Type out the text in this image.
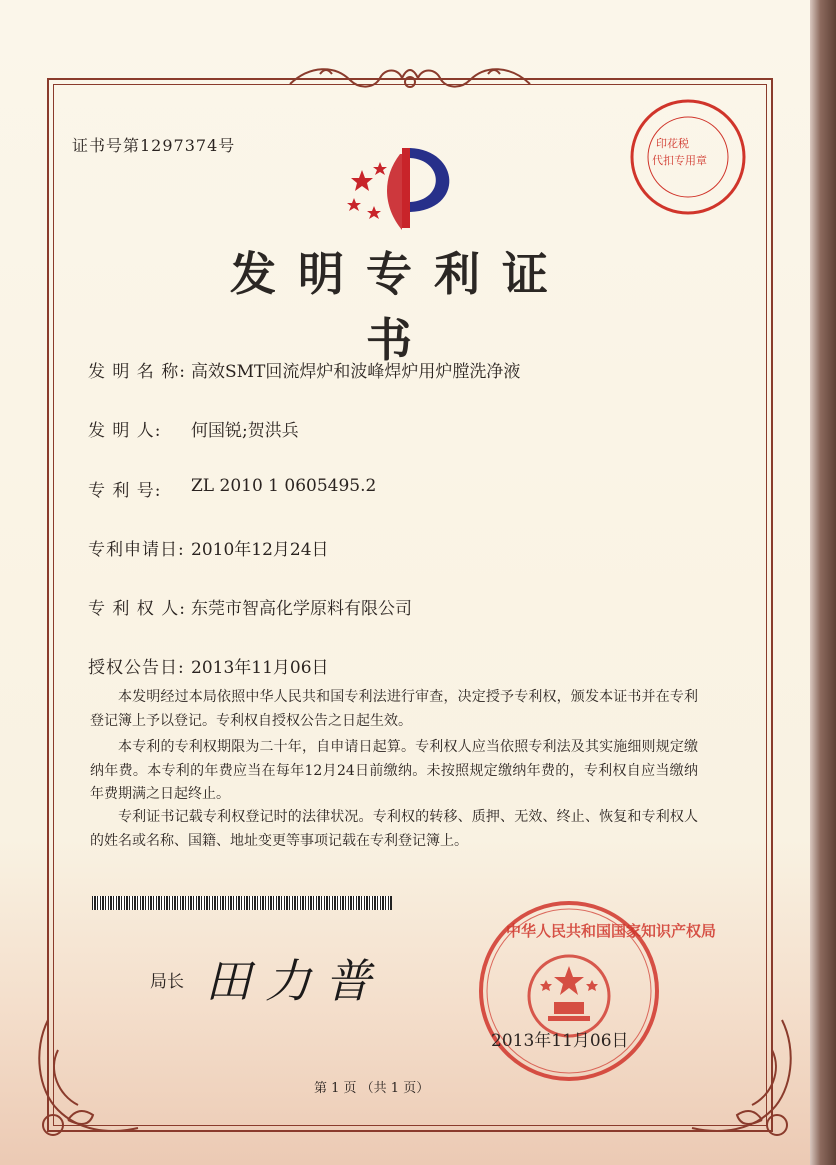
证书号第1297374号	印花税
代扣专用章
发明专利证书
发 明 名 称: 高效SMT回流焊炉和波峰焊炉用炉膛洗净液
发 明 人: 何国锐;贺洪兵
专 利 号: ZL 2010 1 0605495.2
专利申请日: 2010年12月24日
专 利 权 人: 东莞市智高化学原料有限公司
授权公告日: 2013年11月06日
本发明经过本局依照中华人民共和国专利法进行审查，决定授予专利权，颁发本证书并在专利登记簿上予以登记。专利权自授权公告之日起生效。
本专利的专利权期限为二十年，自申请日起算。专利权人应当依照专利法及其实施细则规定缴纳年费。本专利的年费应当在每年12月24日前缴纳。未按照规定缴纳年费的，专利权自应当缴纳年费期满之日起终止。
专利证书记载专利权登记时的法律状况。专利权的转移、质押、无效、终止、恢复和专利权人的姓名或名称、国籍、地址变更等事项记载在专利登记簿上。
局长 田力普
中华人民共和国国家知识产权局
2013年11月06日
第 1 页 （共 1 页）
